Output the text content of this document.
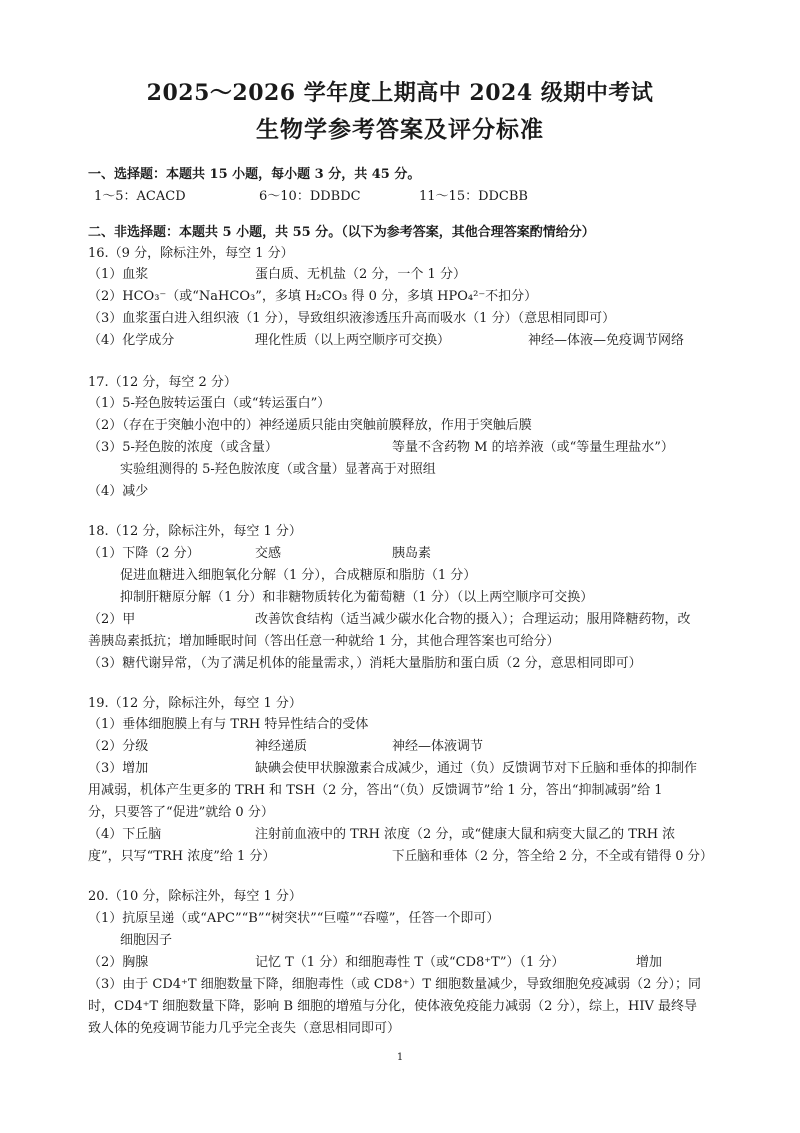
2025～2026 学年度上期高中 2024 级期中考试
生物学参考答案及评分标准
一、选择题：本题共 15 小题，每小题 3 分，共 45 分。
1～5：ACACD	6～10：DDBDC	11～15：DDCBB
二、非选择题：本题共 5 小题，共 55 分。（以下为参考答案，其他合理答案酌情给分）
16.（9 分，除标注外，每空 1 分）
（1）血浆	蛋白质、无机盐（2 分，一个 1 分）
（2）HCO₃⁻（或“NaHCO₃”，多填 H₂CO₃ 得 0 分，多填 HPO₄²⁻不扣分）
（3）血浆蛋白进入组织液（1 分），导致组织液渗透压升高而吸水（1 分）（意思相同即可）
（4）化学成分	理化性质（以上两空顺序可交换）	神经—体液—免疫调节网络
17.（12 分，每空 2 分）
（1）5-羟色胺转运蛋白（或“转运蛋白”）
（2）（存在于突触小泡中的）神经递质只能由突触前膜释放，作用于突触后膜
（3）5-羟色胺的浓度（或含量）	等量不含药物 M 的培养液（或“等量生理盐水”）
实验组测得的 5-羟色胺浓度（或含量）显著高于对照组
（4）减少
18.（12 分，除标注外，每空 1 分）
（1）下降（2 分）	交感	胰岛素
促进血糖进入细胞氧化分解（1 分），合成糖原和脂肪（1 分）
抑制肝糖原分解（1 分）和非糖物质转化为葡萄糖（1 分）（以上两空顺序可交换）
（2）甲	改善饮食结构（适当减少碳水化合物的摄入）；合理运动；服用降糖药物，改
善胰岛素抵抗；增加睡眠时间（答出任意一种就给 1 分，其他合理答案也可给分）
（3）糖代谢异常，（为了满足机体的能量需求，）消耗大量脂肪和蛋白质（2 分，意思相同即可）
19.（12 分，除标注外，每空 1 分）
（1）垂体细胞膜上有与 TRH 特异性结合的受体
（2）分级	神经递质	神经—体液调节
（3）增加	缺碘会使甲状腺激素合成减少，通过（负）反馈调节对下丘脑和垂体的抑制作
用减弱，机体产生更多的 TRH 和 TSH（2 分，答出“（负）反馈调节”给 1 分，答出“抑制减弱”给 1
分，只要答了“促进”就给 0 分）
（4）下丘脑	注射前血液中的 TRH 浓度（2 分，或“健康大鼠和病变大鼠乙的 TRH 浓
度”，只写“TRH 浓度”给 1 分）	下丘脑和垂体（2 分，答全给 2 分，不全或有错得 0 分）
20.（10 分，除标注外，每空 1 分）
（1）抗原呈递（或“APC”“B”“树突状”“巨噬”“吞噬”，任答一个即可）
细胞因子
（2）胸腺	记忆 T（1 分）和细胞毒性 T（或“CD8⁺T”）（1 分）	增加
（3）由于 CD4⁺T 细胞数量下降，细胞毒性（或 CD8⁺）T 细胞数量减少，导致细胞免疫减弱（2 分）；同
时，CD4⁺T 细胞数量下降，影响 B 细胞的增殖与分化，使体液免疫能力减弱（2 分），综上，HIV 最终导
致人体的免疫调节能力几乎完全丧失（意思相同即可）
1
